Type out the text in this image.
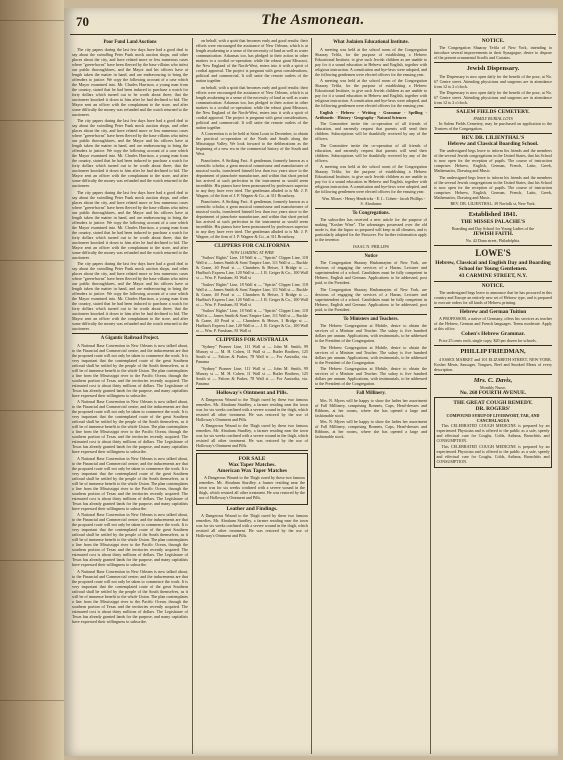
The Asmonean.
70
Poor Fund Land Auctions

The city papers during the last few days have had a good deal to say about the swindling Peter Funk mock auction shops, and other places about the city, and have related more or less numerous cases where "green-horns" have been fleeced by the base villains who infest our public thoroughfares, and the Mayor and his officers have at length taken the matter in hand, and are endeavouring to bring the offenders to justice. We copy the following account of a case which the Mayor examined into. Mr. Charles Harrison, a young man from the country, stated that he had been induced to purchase a watch for forty dollars which turned out to be worth about three; that the auctioneer knocked it down to him after he had declined to bid. The Mayor sent an officer with the complainant to the store, and after some difficulty the money was refunded and the watch returned to the auctioneer.

The city papers during the last few days have had a good deal to say about the swindling Peter Funk mock auction shops, and other places about the city, and have related more or less numerous cases where "green-horns" have been fleeced by the base villains who infest our public thoroughfares, and the Mayor and his officers have at length taken the matter in hand, and are endeavouring to bring the offenders to justice. We copy the following account of a case which the Mayor examined into. Mr. Charles Harrison, a young man from the country, stated that he had been induced to purchase a watch for forty dollars which turned out to be worth about three; that the auctioneer knocked it down to him after he had declined to bid. The Mayor sent an officer with the complainant to the store, and after some difficulty the money was refunded and the watch returned to the auctioneer.

The city papers during the last few days have had a good deal to say about the swindling Peter Funk mock auction shops, and other places about the city, and have related more or less numerous cases where "green-horns" have been fleeced by the base villains who infest our public thoroughfares, and the Mayor and his officers have at length taken the matter in hand, and are endeavouring to bring the offenders to justice. We copy the following account of a case which the Mayor examined into. Mr. Charles Harrison, a young man from the country, stated that he had been induced to purchase a watch for forty dollars which turned out to be worth about three; that the auctioneer knocked it down to him after he had declined to bid. The Mayor sent an officer with the complainant to the store, and after some difficulty the money was refunded and the watch returned to the auctioneer.

The city papers during the last few days have had a good deal to say about the swindling Peter Funk mock auction shops, and other places about the city, and have related more or less numerous cases where "green-horns" have been fleeced by the base villains who infest our public thoroughfares, and the Mayor and his officers have at length taken the matter in hand, and are endeavouring to bring the offenders to justice. We copy the following account of a case which the Mayor examined into. Mr. Charles Harrison, a young man from the country, stated that he had been induced to purchase a watch for forty dollars which turned out to be worth about three; that the auctioneer knocked it down to him after he had declined to bid. The Mayor sent an officer with the complainant to the store, and after some difficulty the money was refunded and the watch returned to the auctioneer.

A Gigantic Railroad Project.

A National Base Convention in New Orleans is now talked about, to the Financial and Commercial centre; and the inducements are that the proposed route will not only be taken to commence the work. It is very important that the contemplated route of the great Southern railroad shall be settled by the people of the South themselves, as it will be of immense benefit to the whole Union. The plan contemplates a line from the Mississippi river to the Pacific Ocean, through the southern portion of Texas and the territories recently acquired. The estimated cost is about thirty millions of dollars. The Legislature of Texas has already granted lands for the purpose, and many capitalists have expressed their willingness to subscribe.

A National Base Convention in New Orleans is now talked about, to the Financial and Commercial centre; and the inducements are that the proposed route will not only be taken to commence the work. It is very important that the contemplated route of the great Southern railroad shall be settled by the people of the South themselves, as it will be of immense benefit to the whole Union. The plan contemplates a line from the Mississippi river to the Pacific Ocean, through the southern portion of Texas and the territories recently acquired. The estimated cost is about thirty millions of dollars. The Legislature of Texas has already granted lands for the purpose, and many capitalists have expressed their willingness to subscribe.

A National Base Convention in New Orleans is now talked about, to the Financial and Commercial centre; and the inducements are that the proposed route will not only be taken to commence the work. It is very important that the contemplated route of the great Southern railroad shall be settled by the people of the South themselves, as it will be of immense benefit to the whole Union. The plan contemplates a line from the Mississippi river to the Pacific Ocean, through the southern portion of Texas and the territories recently acquired. The estimated cost is about thirty millions of dollars. The Legislature of Texas has already granted lands for the purpose, and many capitalists have expressed their willingness to subscribe.

A National Base Convention in New Orleans is now talked about, to the Financial and Commercial centre; and the inducements are that the proposed route will not only be taken to commence the work. It is very important that the contemplated route of the great Southern railroad shall be settled by the people of the South themselves, as it will be of immense benefit to the whole Union. The plan contemplates a line from the Mississippi river to the Pacific Ocean, through the southern portion of Texas and the territories recently acquired. The estimated cost is about thirty millions of dollars. The Legislature of Texas has already granted lands for the purpose, and many capitalists have expressed their willingness to subscribe.

A National Base Convention in New Orleans is now talked about, to the Financial and Commercial centre; and the inducements are that the proposed route will not only be taken to commence the work. It is very important that the contemplated route of the great Southern railroad shall be settled by the people of the South themselves, as it will be of immense benefit to the whole Union. The plan contemplates a line from the Mississippi river to the Pacific Ocean, through the southern portion of Texas and the territories recently acquired. The estimated cost is about thirty millions of dollars. The Legislature of Texas has already granted lands for the purpose, and many capitalists have expressed their willingness to subscribe.

on behalf, with a spirit that becomes early and good results: their efforts were encouraged the assistance of New Orleans, which is at length awakening to a sense of the necessity of land as well as water communication. Arkansas too, has pledged to their action in other matters to a cordial co-operation; while the robust giant Missouri, the New England of the North-West, enters into it with a spirit of cordial approval. The project is pregnant with great considerations, political and commercial. It will unite the remote outlets of the nation together.

on behalf, with a spirit that becomes early and good results: their efforts were encouraged the assistance of New Orleans, which is at length awakening to a sense of the necessity of land as well as water communication. Arkansas too, has pledged to their action in other matters to a cordial co-operation; while the robust giant Missouri, the New England of the North-West, enters into it with a spirit of cordial approval. The project is pregnant with great considerations, political and commercial. It will unite the remote outlets of the nation together.

A Convention is to be held at Saint Louis in December, to obtain the practical co-operation of the North and South along the Mississippi Valley. We look forward to the deliberations as the beginning of a new era in the commercial history of the South and West.

Pianofortes. A Striking Fact. A gentleman, formerly known as a scientific scholar, a great musical connoisseur and manufacturer of musical works, transferred himself less than two years since to the department of pianoforte manufacture, and within that short period has arrived at such perfection in the instrument as would seem incredible. His pianos have been pronounced by professors superior to any they have ever tried. The gentleman alluded to is Mr. J. P. Wagner, of the firm of J. P. Wagner & Co., at 311 Broadway.

Pianofortes. A Striking Fact. A gentleman, formerly known as a scientific scholar, a great musical connoisseur and manufacturer of musical works, transferred himself less than two years since to the department of pianoforte manufacture, and within that short period has arrived at such perfection in the instrument as would seem incredible. His pianos have been pronounced by professors superior to any they have ever tried. The gentleman alluded to is Mr. J. P. Wagner, of the firm of J. P. Wagner & Co., at 311 Broadway.

CLIPPERS FOR CALIFORNIA
NOW LOADING AT PIER

"Sailors' Rights" Line, 18 Wall st — "Spirits" Clipper Line, 118 Wall st — James Smith & Sons' Empire Line, 111 Wall st — Ruckle & Crane, 40 Pearl st — Chambers & Heiser, 3 Bridge st — Hurlbut's Express Line, 120 Wall st — J. R. Geiger & Co., 100 Wall st — Wm. F. Faruham, 81 Wall st

"Sailors' Rights" Line, 18 Wall st — "Spirits" Clipper Line, 118 Wall st — James Smith & Sons' Empire Line, 111 Wall st — Ruckle & Crane, 40 Pearl st — Chambers & Heiser, 3 Bridge st — Hurlbut's Express Line, 120 Wall st — J. R. Geiger & Co., 100 Wall st — Wm. F. Faruham, 81 Wall st

"Sailors' Rights" Line, 18 Wall st — "Spirits" Clipper Line, 118 Wall st — James Smith & Sons' Empire Line, 111 Wall st — Ruckle & Crane, 40 Pearl st — Chambers & Heiser, 3 Bridge st — Hurlbut's Express Line, 120 Wall st — J. R. Geiger & Co., 100 Wall st — Wm. F. Faruham, 81 Wall st

CLIPPERS FOR AUSTRALIA

"Sydney" Pioneer Line, 111 Wall st — John M. Smith, 99 Murray st — M. H. Cohen, 11 Wall st — Butler Brothers, 125 South st — Falcon & Parker, 78 Wall st — For Australia, via. Panama

"Sydney" Pioneer Line, 111 Wall st — John M. Smith, 99 Murray st — M. H. Cohen, 11 Wall st — Butler Brothers, 125 South st — Falcon & Parker, 78 Wall st — For Australia, via. Panama

Holloway's Ointment and Pills.

A Dangerous Wound to the Thigh cured by these two famous remedies. Mr. Abraham Sturdley, a farmer residing near the town was for six weeks confined with a severe wound in the thigh, which resisted all other treatment. He was restored by the use of Holloway's Ointment and Pills.

A Dangerous Wound to the Thigh cured by these two famous remedies. Mr. Abraham Sturdley, a farmer residing near the town was for six weeks confined with a severe wound in the thigh, which resisted all other treatment. He was restored by the use of Holloway's Ointment and Pills.

FOR SALE
Wax Taper Matches.
American Wax Taper Matches

A Dangerous Wound to the Thigh cured by these two famous remedies. Mr. Abraham Sturdley, a farmer residing near the town was for six weeks confined with a severe wound in the thigh, which resisted all other treatment. He was restored by the use of Holloway's Ointment and Pills.

Leather and Findings.

A Dangerous Wound to the Thigh cured by these two famous remedies. Mr. Abraham Sturdley, a farmer residing near the town was for six weeks confined with a severe wound in the thigh, which resisted all other treatment. He was restored by the use of Holloway's Ointment and Pills.

What Judaism Educational Institute.

A meeting was held at the school room of the Congregation Shaaray Tefila, for the purpose of establishing a Hebrew Educational Institute, to give such Jewish children as are unable to pay for it a sound education in Hebrew and English, together with religious instruction. A constitution and bye-laws were adopted, and the following gentlemen were elected officers for the ensuing year.

A meeting was held at the school room of the Congregation Shaaray Tefila, for the purpose of establishing a Hebrew Educational Institute, to give such Jewish children as are unable to pay for it a sound education in Hebrew and English, together with religious instruction. A constitution and bye-laws were adopted, and the following gentlemen were elected officers for the ensuing year.

English - Hebrew - Writing - Grammar - Spelling - Arithmetic - History - Geography - Natural Sciences

The Committee invite the co-operation of all friends of education, and earnestly request that parents will send their children. Subscriptions will be thankfully received by any of the officers.

The Committee invite the co-operation of all friends of education, and earnestly request that parents will send their children. Subscriptions will be thankfully received by any of the officers.

A meeting was held at the school room of the Congregation Shaaray Tefila, for the purpose of establishing a Hebrew Educational Institute, to give such Jewish children as are unable to pay for it a sound education in Hebrew and English, together with religious instruction. A constitution and bye-laws were adopted, and the following gentlemen were elected officers for the ensuing year.

Wm. Moses - Henry Hendricks - E. L. Cohen - Jacob Phillips - S. Abrahams

To Congregations.

The subscriber has received a new article for the purpose of making "Kosher Wine". The advantages possessed over the old mode is, that the liquor so prepared will keep in all climates, and is particularly adapted for the Passover. For further information apply to the inventor.

ISAAC N. PHILLIPS
Notice

The Congregation Shaaray Hashamayim of New York, are desirous of engaging the services of a Hazan, Lecturer and superintendent of a school. Candidates must be fully competent in Hebrew, English and German. Applications to be addressed, post paid, to the President.

The Congregation Shaaray Hashamayim of New York, are desirous of engaging the services of a Hazan, Lecturer and superintendent of a school. Candidates must be fully competent in Hebrew, English and German. Applications to be addressed, post paid, to the President.

To Ministers and Teachers.

The Hebrew Congregation at Mobile, desire to obtain the services of a Minister and Teacher. The salary is five hundred dollars per annum. Applications, with testimonials, to be addressed to the President of the Congregation.

The Hebrew Congregation at Mobile, desire to obtain the services of a Minister and Teacher. The salary is five hundred dollars per annum. Applications, with testimonials, to be addressed to the President of the Congregation.

The Hebrew Congregation at Mobile, desire to obtain the services of a Minister and Teacher. The salary is five hundred dollars per annum. Applications, with testimonials, to be addressed to the President of the Congregation.

Fall Millinery.

Mrs. N. Myers will be happy to show the ladies her assortment of Fall Millinery, comprising Bonnets, Caps, Head-dresses and Ribbons, at her rooms, where she has opened a large and fashionable stock.

Mrs. N. Myers will be happy to show the ladies her assortment of Fall Millinery, comprising Bonnets, Caps, Head-dresses and Ribbons, at her rooms, where she has opened a large and fashionable stock.

NOTICE.

The Congregation Shaaray Tefila of New York, intending to introduce several improvements in their Synagogue, desire to dispose of the present ornamental Scrolls and Curtains.

Jewish Dispensary.

The Dispensary is now open daily for the benefit of the poor, at No. 67 Centre street. Attending physicians and surgeons are in attendance from 12 to 2 o'clock.

The Dispensary is now open daily for the benefit of the poor, at No. 67 Centre street. Attending physicians and surgeons are in attendance from 12 to 2 o'clock.

SALEM FIELDS CEMETERY.
FAMILY BURIAL LOTS

In Salem Fields Cemetery, may be purchased on application to the Trustees of the Congregation.

REV. DR. LILIENTHAL'S
Hebrew and Classical Boarding School.

The undersigned begs leave to inform his friends and the members of the several Jewish congregations in the United States, that his School is now open for the reception of pupils. The course of instruction comprises Hebrew, English, German, French, Latin, Greek, Mathematics, Drawing and Music.

The undersigned begs leave to inform his friends and the members of the several Jewish congregations in the United States, that his School is now open for the reception of pupils. The course of instruction comprises Hebrew, English, German, French, Latin, Greek, Mathematics, Drawing and Music.

REV. DR. LILIENTHAL, 39 Norfolk st, New York.
Established 1841.
THE MISSES PALACHE'S
Boarding and Day School for Young Ladies of the
JEWISH FAITH.
No. 42 Dana street, Philadelphia.
LOWE'S
Hebrew, Classical and English Day and Boarding School for Young Gentlemen.
43 CARMINE STREET, N.Y.
NOTICE.

The undersigned begs leave to announce that he has procured in this country and Europe an entirely new set of Hebrew type, and is prepared to execute orders for all kinds of Hebrew printing.

Hebrew and German Tuition

A PROFESSOR, a native of Germany, offers his services as teacher of the Hebrew, German and French languages. Terms moderate. Apply at this office.

Cohen's Hebrew Grammar.

Price 25 cents each, single copy; $20 per dozen for schools.

PHILLIP FRIEDMAN,

4 ESSEX MARKET and 101 ELIZABETH STREET, NEW YORK. Kosher Meats, Sausages, Tongues, Beef and Smoked Meats of every description.

Mrs. C. Davis,
Monthly Nurse,
No. 268 FOURTH AVENUE.
THE GREAT COUGH REMEDY.
DR. ROGERS'
COMPOUND SYRUP OF LIVERWORT, TAR, AND CANCHALAGUA

This CELEBRATED COUGH MEDICINE is prepared by an experienced Physician and is offered to the public as a safe, speedy and effectual cure for Coughs, Colds, Asthma, Bronchitis and CONSUMPTION.

This CELEBRATED COUGH MEDICINE is prepared by an experienced Physician and is offered to the public as a safe, speedy and effectual cure for Coughs, Colds, Asthma, Bronchitis and CONSUMPTION.
